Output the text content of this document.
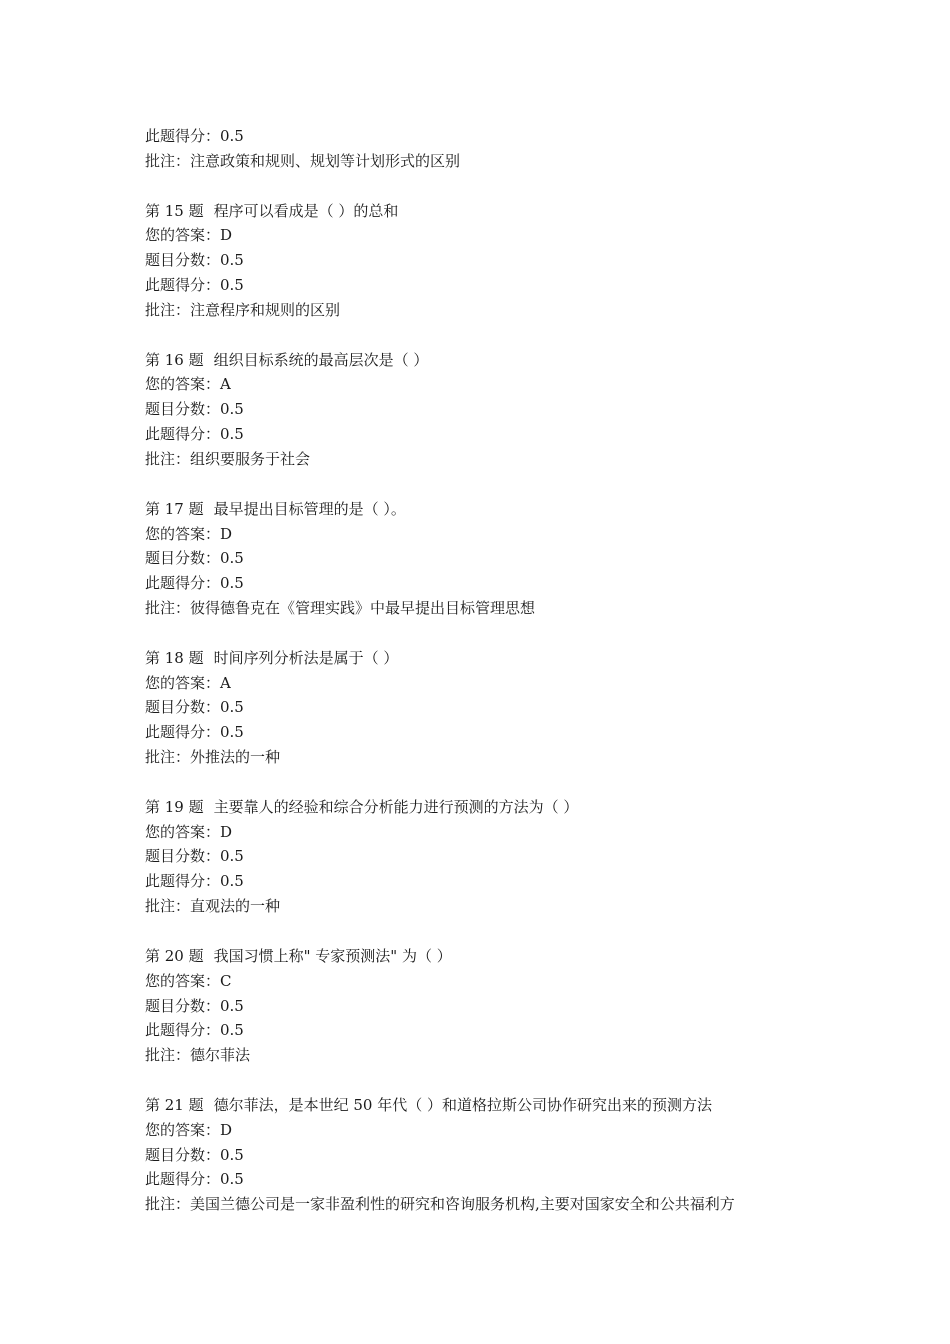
此题得分：0.5
批注：注意政策和规则、规划等计划形式的区别
第 15 题 程序可以看成是（ ）的总和
您的答案：D
题目分数：0.5
此题得分：0.5
批注：注意程序和规则的区别
第 16 题 组织目标系统的最高层次是（ ）
您的答案：A
题目分数：0.5
此题得分：0.5
批注：组织要服务于社会
第 17 题 最早提出目标管理的是（ ）。
您的答案：D
题目分数：0.5
此题得分：0.5
批注：彼得德鲁克在《管理实践》中最早提出目标管理思想
第 18 题 时间序列分析法是属于（ ）
您的答案：A
题目分数：0.5
此题得分：0.5
批注：外推法的一种
第 19 题 主要靠人的经验和综合分析能力进行预测的方法为（ ）
您的答案：D
题目分数：0.5
此题得分：0.5
批注：直观法的一种
第 20 题 我国习惯上称" 专家预测法" 为（ ）
您的答案：C
题目分数：0.5
此题得分：0.5
批注：德尔菲法
第 21 题 德尔菲法，是本世纪 50 年代（ ）和道格拉斯公司协作研究出来的预测方法
您的答案：D
题目分数：0.5
此题得分：0.5
批注：美国兰德公司是一家非盈利性的研究和咨询服务机构,主要对国家安全和公共福利方
